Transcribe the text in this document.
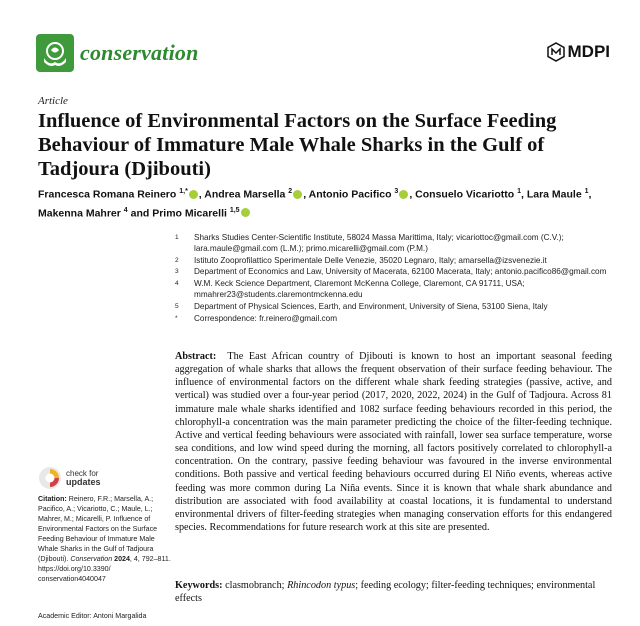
conservation	MDPI
Article
Influence of Environmental Factors on the Surface Feeding Behaviour of Immature Male Whale Sharks in the Gulf of Tadjoura (Djibouti)
Francesca Romana Reinero $^{1,*}$ , Andrea Marsella $^2$ , Antonio Pacifico $^3$ , Consuelo Vicariotto $^1$, Lara Maule $^1$,
Makenna Mahrer $^4$ and Primo Micarelli $^{1,5}$
1	Sharks Studies Center-Scientific Institute, 58024 Massa Marittima, Italy; vicariottoc@gmail.com (C.V.); lara.maule@gmail.com (L.M.); primo.micarelli@gmail.com (P.M.)
2	Istituto Zooprofilattico Sperimentale Delle Venezie, 35020 Legnaro, Italy; amarsella@izsvenezie.it
3	Department of Economics and Law, University of Macerata, 62100 Macerata, Italy; antonio.pacifico86@gmail.com
4	W.M. Keck Science Department, Claremont McKenna College, Claremont, CA 91711, USA; mmahrer23@students.claremontmckenna.edu
5	Department of Physical Sciences, Earth, and Environment, University of Siena, 53100 Siena, Italy
*	Correspondence: fr.reinero@gmail.com
check for
updates
Citation: Reinero, F.R.; Marsella, A.; Pacifico, A.; Vicariotto, C.; Maule, L.; Mahrer, M.; Micarelli, P. Influence of Environmental Factors on the Surface Feeding Behaviour of Immature Male Whale Sharks in the Gulf of Tadjoura (Djibouti). Conservation 2024, 4, 792–811. https://doi.org/10.3390/ conservation4040047
Academic Editor: Antoni Margalida
Abstract: The East African country of Djibouti is known to host an important seasonal feeding aggregation of whale sharks that allows the frequent observation of their surface feeding behaviour. The influence of environmental factors on the different whale shark feeding strategies (passive, active, and vertical) was studied over a four-year period (2017, 2020, 2022, 2024) in the Gulf of Tadjoura. Across 81 immature male whale sharks identified and 1082 surface feeding behaviours recorded in this period, the chlorophyll-a concentration was the main parameter predicting the choice of the filter-feeding technique. Active and vertical feeding behaviours were associated with rainfall, lower sea surface temperature, worse sea conditions, and low wind speed during the morning, all factors positively correlated to chlorophyll-a concentration. On the contrary, passive feeding behaviour was favoured in the inverse environmental conditions. Both passive and vertical feeding behaviours occurred during El Niño events, whereas active feeding was more common during La Niña events. Since it is known that whale shark abundance and distribution are associated with food availability at coastal locations, it is fundamental to understand environmental drivers of filter-feeding strategies when managing conservation efforts for this endangered species. Recommendations for future research work at this site are presented.
Keywords: clasmobranch; Rhincodon typus; feeding ecology; filter-feeding techniques; environmental effects
